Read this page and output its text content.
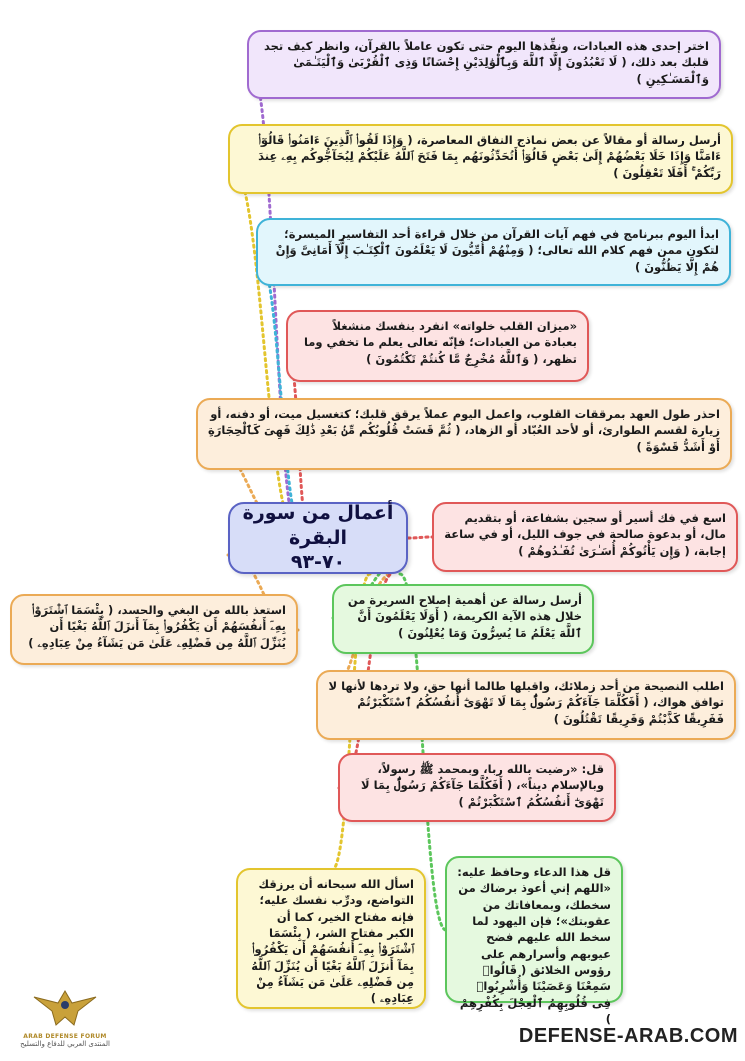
أعمال من سورة البقرة
٧٠-٩٣
اختر إحدى هذه العبادات، ونفِّذها اليوم حتى تكون عاملاً بالقرآن، وانظر كيف تجد قلبك بعد ذلك، ( لَا تَعْبُدُونَ إِلَّا ٱللَّهَ وَبِٱلْوَٰلِدَيْنِ إِحْسَانًا وَذِى ٱلْقُرْبَىٰ وَٱلْيَتَـٰمَىٰ وَٱلْمَسَـٰكِينِ )
أرسل رسالة أو مقالاً عن بعض نماذج النفاق المعاصرة، ( وَإِذَا لَقُوا۟ ٱلَّذِينَ ءَامَنُوا۟ قَالُوٓا۟ ءَامَنَّا وَإِذَا خَلَا بَعْضُهُمْ إِلَىٰ بَعْضٍ قَالُوٓا۟ أَتُحَدِّثُونَهُم بِمَا فَتَحَ ٱللَّهُ عَلَيْكُمْ لِيُحَآجُّوكُم بِهِۦ عِندَ رَبِّكُمْ ۚ أَفَلَا تَعْقِلُونَ )
ابدأ اليوم ببرنامج في فهم آيات القرآن من خلال قراءة أحد التفاسير الميسرة؛ لتكون ممن فهم كلام الله تعالى؛ ( وَمِنْهُمْ أُمِّيُّونَ لَا يَعْلَمُونَ ٱلْكِتَـٰبَ إِلَّآ أَمَانِىَّ وَإِنْ هُمْ إِلَّا يَظُنُّونَ )
«ميزان القلب خلواته» انفرد بنفسك منشغلاً بعبادة من العبادات؛ فإنّه تعالى يعلم ما تخفي وما تظهر، ( وَٱللَّهُ مُخْرِجٌ مَّا كُنتُمْ تَكْتُمُونَ )
احذر طول العهد بمرققات القلوب، واعمل اليوم عملاً يرقق قلبك؛ كتغسيل ميت، أو دفنه، أو زيارة لقسم الطوارئ، أو لأحد العُبّاد أو الزهاد، ( ثُمَّ قَسَتْ قُلُوبُكُم مِّنۢ بَعْدِ ذَٰلِكَ فَهِىَ كَٱلْحِجَارَةِ أَوْ أَشَدُّ قَسْوَةً )
اسع في فك أسير أو سجين بشفاعة، أو بتقديم مال، أو بدعوة صالحة في جوف الليل، أو في ساعة إجابة، ( وَإِن يَأْتُوكُمْ أُسَـٰرَىٰ تُفَـٰدُوهُمْ )
استعذ بالله من البغي والحسد، ( بِئْسَمَا ٱشْتَرَوْا۟ بِهِۦٓ أَنفُسَهُمْ أَن يَكْفُرُوا۟ بِمَآ أَنزَلَ ٱللَّهُ بَغْيًا أَن يُنَزِّلَ ٱللَّهُ مِن فَضْلِهِۦ عَلَىٰ مَن يَشَآءُ مِنْ عِبَادِهِۦ )
أرسل رسالة عن أهمية إصلاح السريرة من خلال هذه الآية الكريمة، ( أَوَلَا يَعْلَمُونَ أَنَّ ٱللَّهَ يَعْلَمُ مَا يُسِرُّونَ وَمَا يُعْلِنُونَ )
اطلب النصيحة من أحد زملائك، واقبلها طالما أنها حق، ولا تردها لأنها لا توافق هواك، ( أَفَكُلَّمَا جَآءَكُمْ رَسُولٌۢ بِمَا لَا تَهْوَىٰٓ أَنفُسُكُمُ ٱسْتَكْبَرْتُمْ فَفَرِيقًا كَذَّبْتُمْ وَفَرِيقًا تَقْتُلُونَ )
قل: «رضيت بالله ربا، وبمحمد ﷺ رسولاً، وبالإسلام ديناً»، ( أَفَكُلَّمَا جَآءَكُمْ رَسُولٌۢ بِمَا لَا تَهْوَىٰٓ أَنفُسُكُمُ ٱسْتَكْبَرْتُمْ )
اسأل الله سبحانه أن يرزقك التواضع، ودرِّب نفسك عليه؛ فإنه مفتاح الخير، كما أن الكبر مفتاح الشر، ( بِئْسَمَا ٱشْتَرَوْا۟ بِهِۦٓ أَنفُسَهُمْ أَن يَكْفُرُوا۟ بِمَآ أَنزَلَ ٱللَّهُ بَغْيًا أَن يُنَزِّلَ ٱللَّهُ مِن فَضْلِهِۦ عَلَىٰ مَن يَشَآءُ مِنْ عِبَادِهِۦ )
قل هذا الدعاء وحافظ عليه: «اللهم إني أعوذ برضاك من سخطك، وبمعافاتك من عقوبتك»؛ فإن اليهود لما سخط الله عليهم فضح عيوبهم وأسرارهم على رؤوس الخلائق ( قَالُوا۟ سَمِعْنَا وَعَصَيْنَا وَأُشْرِبُوا۟ فِى قُلُوبِهِمُ ٱلْعِجْلَ بِكُفْرِهِمْ )
ARAB DEFENSE FORUM
المنتدى العربي للدفاع والتسليح	DEFENSE-ARAB.COM
